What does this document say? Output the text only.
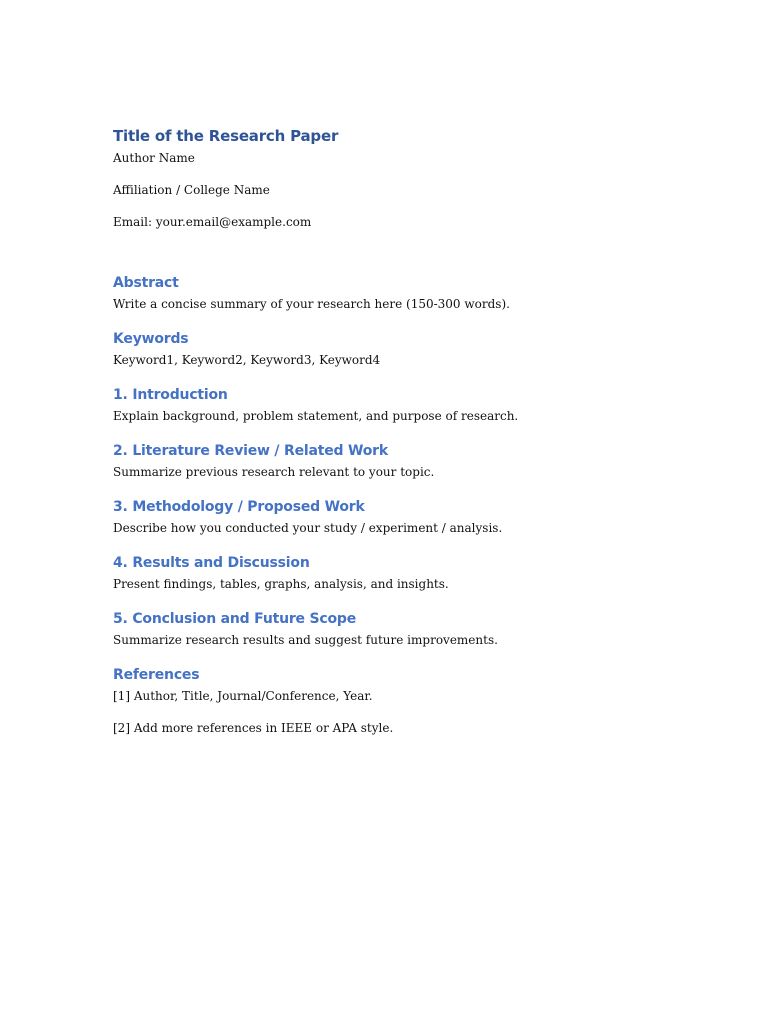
Title of the Research Paper

Author Name

Affiliation / College Name

Email: your.email@example.com

Abstract

Write a concise summary of your research here (150-300 words).

Keywords

Keyword1, Keyword2, Keyword3, Keyword4

1. Introduction

Explain background, problem statement, and purpose of research.

2. Literature Review / Related Work

Summarize previous research relevant to your topic.

3. Methodology / Proposed Work

Describe how you conducted your study / experiment / analysis.

4. Results and Discussion

Present findings, tables, graphs, analysis, and insights.

5. Conclusion and Future Scope

Summarize research results and suggest future improvements.

References

[1] Author, Title, Journal/Conference, Year.

[2] Add more references in IEEE or APA style.
